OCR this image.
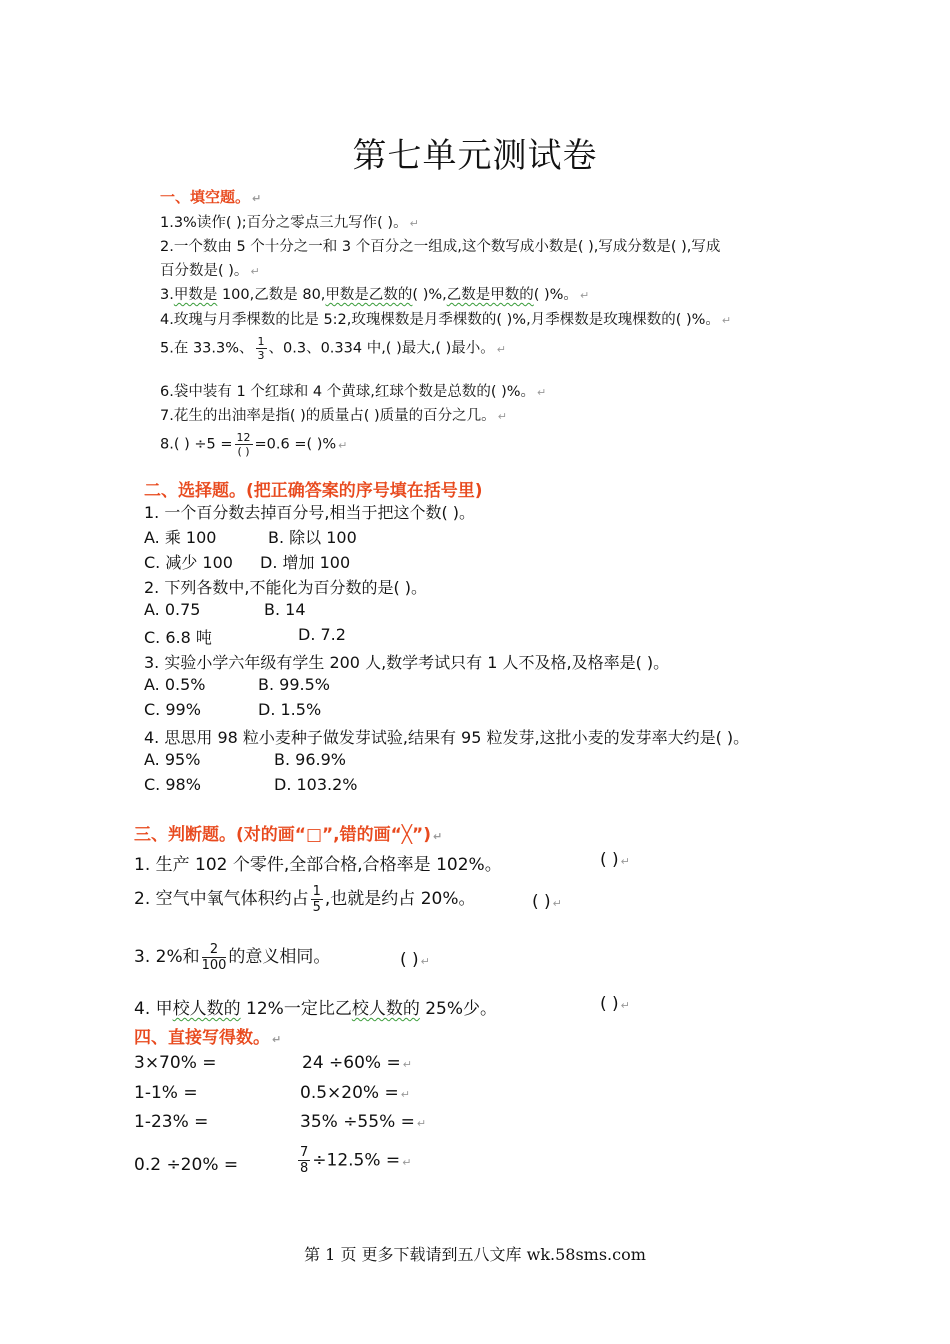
第七单元测试卷
一、填空题。 ↵
1.3%读作( );百分之零点三九写作( )。 ↵
2.一个数由 5 个十分之一和 3 个百分之一组成,这个数写成小数是( ),写成分数是( ),写成
百分数是( )。 ↵
3.甲数是 100,乙数是 80,甲数是乙数的( )%,乙数是甲数的( )%。 ↵
4.玫瑰与月季棵数的比是 5:2,玫瑰棵数是月季棵数的( )%,月季棵数是玫瑰棵数的( )%。 ↵
5.在 33.3%、 $\frac{1}{3}$ 、0.3、0.334 中,( )最大,( )最小。 ↵
6.袋中装有 1 个红球和 4 个黄球,红球个数是总数的( )%。 ↵
7.花生的出油率是指( )的质量占( )质量的百分之几。 ↵
8.( ) $\div 5 = \frac{12}{( )} =0.6$ =( )% ↵
二、选择题。(把正确答案的序号填在括号里)
1. 一个百分数去掉百分号,相当于把这个数( )。
A. 乘 100	B. 除以 100
C. 减少 100 D. 增加 100
2. 下列各数中,不能化为百分数的是( )。
A. 0.75	B. 14
C. 6.8 吨	D. 7.2
3. 实验小学六年级有学生 200 人,数学考试只有 1 人不及格,及格率是( )。
A. 0.5%	B. 99.5%
C. 99%	D. 1.5%
4. 思思用 98 粒小麦种子做发芽试验,结果有 95 粒发芽,这批小麦的发芽率大约是( )。
A. 95%	B. 96.9%
C. 98%	D. 103.2%
三、判断题。(对的画“□”,错的画“╳”) ↵
1. 生产 102 个零件,全部合格,合格率是 102%。	( ) ↵
2. 空气中氧气体积约占 $\frac{1}{5}$ ,也就是约占 20%。	( ) ↵
3. 2%和 $\frac{2}{100}$ 的意义相同。	( ) ↵
4. 甲校人数的 12%一定比乙校人数的 25%少。	( ) ↵
四、直接写得数。 ↵
3×70% =	24 ÷60% = ↵
1-1% =	0.5×20% = ↵
1-23% =	35% ÷55% = ↵
0.2 ÷20% =	$\frac{7}{8} \div 12.5\%$ = ↵
第 1 页 更多下载请到五八文库 wk.58sms.com
